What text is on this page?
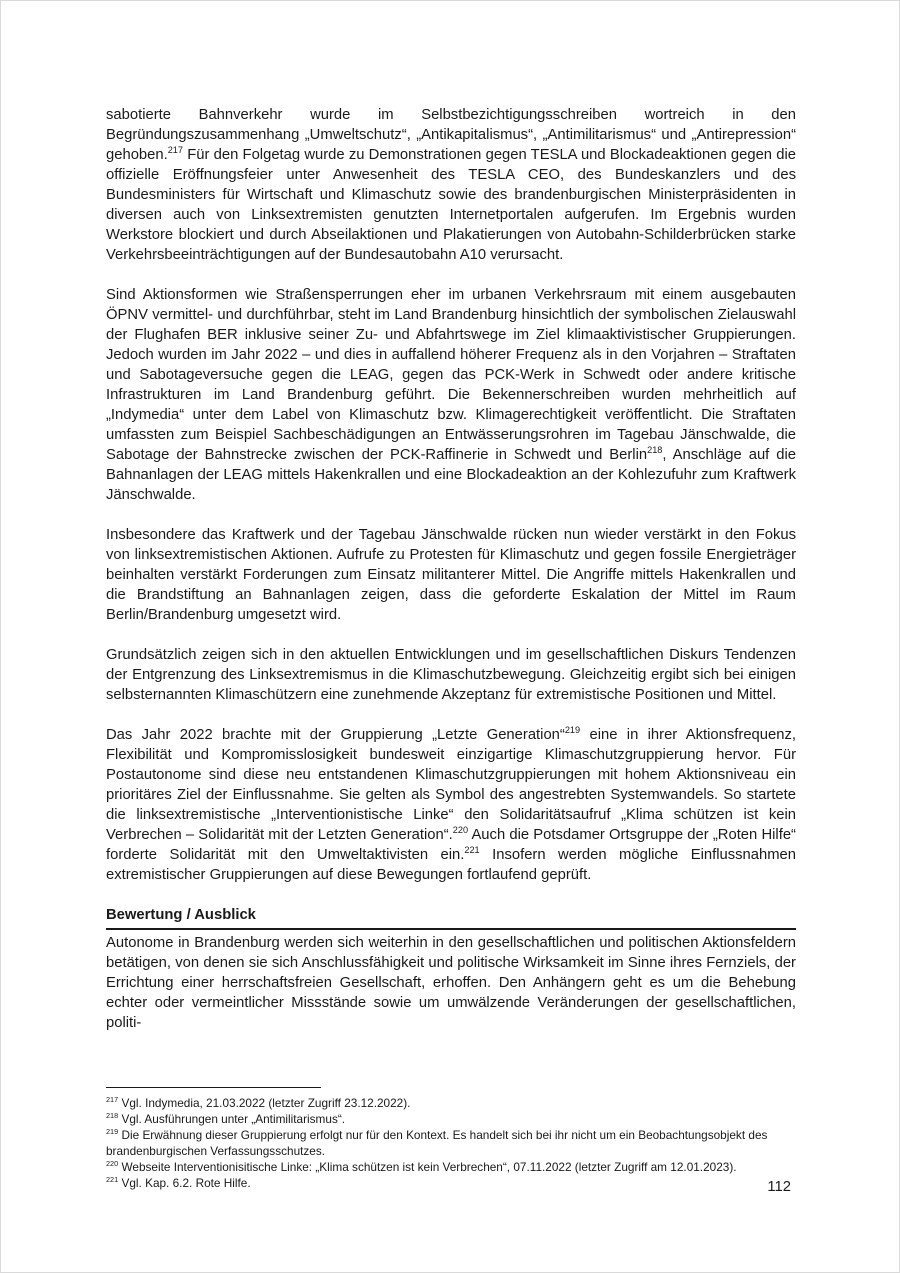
sabotierte Bahnverkehr wurde im Selbstbezichtigungsschreiben wortreich in den Begründungszusammenhang „Umweltschutz“, „Antikapitalismus“, „Antimilitarismus“ und „Antirepression“ gehoben.$^{217}$ Für den Folgetag wurde zu Demonstrationen gegen TESLA und Blockadeaktionen gegen die offizielle Eröffnungsfeier unter Anwesenheit des TESLA CEO, des Bundeskanzlers und des Bundesministers für Wirtschaft und Klimaschutz sowie des brandenburgischen Ministerpräsidenten in diversen auch von Linksextremisten genutzten Internetportalen aufgerufen. Im Ergebnis wurden Werkstore blockiert und durch Abseilaktionen und Plakatierungen von Autobahn-Schilderbrücken starke Verkehrsbeeinträchtigungen auf der Bundesautobahn A10 verursacht.

Sind Aktionsformen wie Straßensperrungen eher im urbanen Verkehrsraum mit einem ausgebauten ÖPNV vermittel- und durchführbar, steht im Land Brandenburg hinsichtlich der symbolischen Zielauswahl der Flughafen BER inklusive seiner Zu- und Abfahrtswege im Ziel klimaaktivistischer Gruppierungen. Jedoch wurden im Jahr 2022 – und dies in auffallend höherer Frequenz als in den Vorjahren – Straftaten und Sabotageversuche gegen die LEAG, gegen das PCK-Werk in Schwedt oder andere kritische Infrastrukturen im Land Brandenburg geführt. Die Bekennerschreiben wurden mehrheitlich auf „Indymedia“ unter dem Label von Klimaschutz bzw. Klimagerechtigkeit veröffentlicht. Die Straftaten umfassten zum Beispiel Sachbeschädigungen an Entwässerungsrohren im Tagebau Jänschwalde, die Sabotage der Bahnstrecke zwischen der PCK-Raffinerie in Schwedt und Berlin$^{218}$, Anschläge auf die Bahnanlagen der LEAG mittels Hakenkrallen und eine Blockadeaktion an der Kohlezufuhr zum Kraftwerk Jänschwalde.

Insbesondere das Kraftwerk und der Tagebau Jänschwalde rücken nun wieder verstärkt in den Fokus von linksextremistischen Aktionen. Aufrufe zu Protesten für Klimaschutz und gegen fossile Energieträger beinhalten verstärkt Forderungen zum Einsatz militanterer Mittel. Die Angriffe mittels Hakenkrallen und die Brandstiftung an Bahnanlagen zeigen, dass die geforderte Eskalation der Mittel im Raum Berlin/Brandenburg umgesetzt wird.

Grundsätzlich zeigen sich in den aktuellen Entwicklungen und im gesellschaftlichen Diskurs Tendenzen der Entgrenzung des Linksextremismus in die Klimaschutzbewegung. Gleichzeitig ergibt sich bei einigen selbsternannten Klimaschützern eine zunehmende Akzeptanz für extremistische Positionen und Mittel.

Das Jahr 2022 brachte mit der Gruppierung „Letzte Generation“$^{219}$ eine in ihrer Aktionsfrequenz, Flexibilität und Kompromisslosigkeit bundesweit einzigartige Klimaschutzgruppierung hervor. Für Postautonome sind diese neu entstandenen Klimaschutzgruppierungen mit hohem Aktionsniveau ein prioritäres Ziel der Einflussnahme. Sie gelten als Symbol des angestrebten Systemwandels. So startete die linksextremistische „Interventionistische Linke“ den Solidaritätsaufruf „Klima schützen ist kein Verbrechen – Solidarität mit der Letzten Generation“.$^{220}$ Auch die Potsdamer Ortsgruppe der „Roten Hilfe“ forderte Solidarität mit den Umweltaktivisten ein.$^{221}$ Insofern werden mögliche Einflussnahmen extremistischer Gruppierungen auf diese Bewegungen fortlaufend geprüft.

Bewertung / Ausblick

Autonome in Brandenburg werden sich weiterhin in den gesellschaftlichen und politischen Aktionsfeldern betätigen, von denen sie sich Anschlussfähigkeit und politische Wirksamkeit im Sinne ihres Fernziels, der Errichtung einer herrschaftsfreien Gesellschaft, erhoffen. Den Anhängern geht es um die Behebung echter oder vermeintlicher Missstände sowie um umwälzende Veränderungen der gesellschaftlichen, politi-

$^{217}$ Vgl. Indymedia, 21.03.2022 (letzter Zugriff 23.12.2022).

$^{218}$ Vgl. Ausführungen unter „Antimilitarismus“.

$^{219}$ Die Erwähnung dieser Gruppierung erfolgt nur für den Kontext. Es handelt sich bei ihr nicht um ein Beobachtungsobjekt des brandenburgischen Verfassungsschutzes.

$^{220}$ Webseite Interventionisitische Linke: „Klima schützen ist kein Verbrechen“, 07.11.2022 (letzter Zugriff am 12.01.2023).

$^{221}$ Vgl. Kap. 6.2. Rote Hilfe.	112
